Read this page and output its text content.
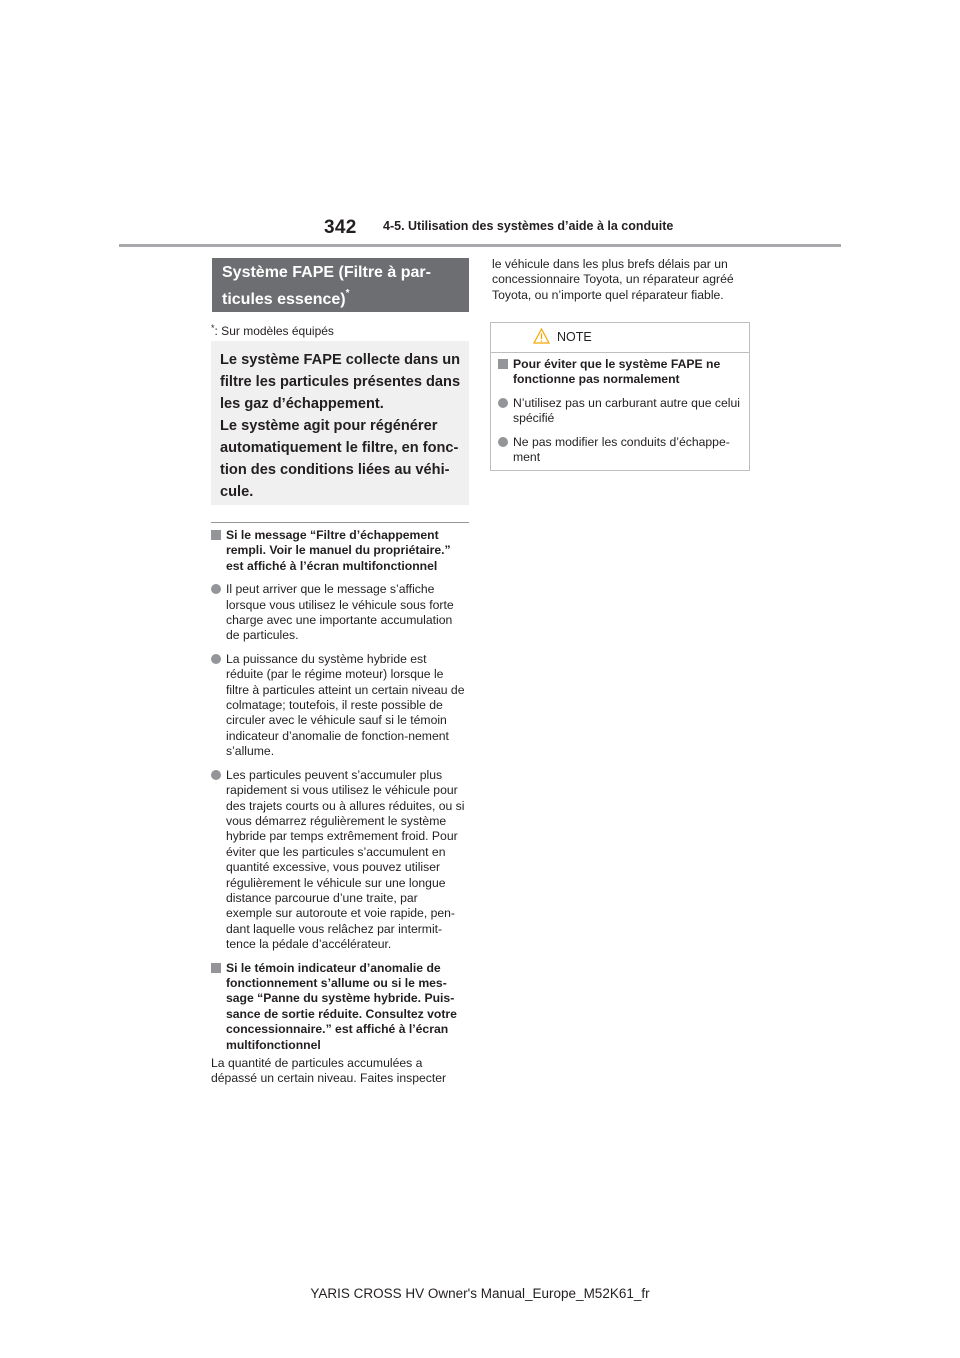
342 4-5. Utilisation des systèmes d’aide à la conduite
Système FAPE (Filtre à par-
ticules essence)*
*: Sur modèles équipés

Le système FAPE collecte dans un

filtre les particules présentes dans

les gaz d’échappement.

Le système agit pour régénérer

automatiquement le filtre, en fonc-

tion des conditions liées au véhi-

cule.

Si le message “Filtre d’échappement rempli. Voir le manuel du propriétaire.” est affiché à l’écran multifonctionnel
Il peut arriver que le message s’affiche lorsque vous utilisez le véhicule sous forte charge avec une importante accumulation de particules.
La puissance du système hybride est réduite (par le régime moteur) lorsque le filtre à particules atteint un certain niveau de colmatage; toutefois, il reste possible de circuler avec le véhicule sauf si le témoin indicateur d’anomalie de fonction-nement s’allume.
Les particules peuvent s’accumuler plus rapidement si vous utilisez le véhicule pour des trajets courts ou à allures réduites, ou si vous démarrez régulièrement le système hybride par temps extrêmement froid. Pour éviter que les particules s’accumulent en quantité excessive, vous pouvez utiliser régulièrement le véhicule sur une longue distance parcourue d’une traite, par exemple sur autoroute et voie rapide, pen-dant laquelle vous relâchez par intermit-tence la pédale d’accélérateur.
Si le témoin indicateur d’anomalie de fonctionnement s’allume ou si le mes-sage “Panne du système hybride. Puis-sance de sortie réduite. Consultez votre concessionnaire.” est affiché à l’écran multifonctionnel

La quantité de particules accumulées a dépassé un certain niveau. Faites inspecter

le véhicule dans les plus brefs délais par un concessionnaire Toyota, un réparateur agréé Toyota, ou n’importe quel réparateur fiable.

NOTE
Pour éviter que le système FAPE ne fonctionne pas normalement
N’utilisez pas un carburant autre que celui spécifié
Ne pas modifier les conduits d’échappe-ment
YARIS CROSS HV Owner's Manual_Europe_M52K61_fr
